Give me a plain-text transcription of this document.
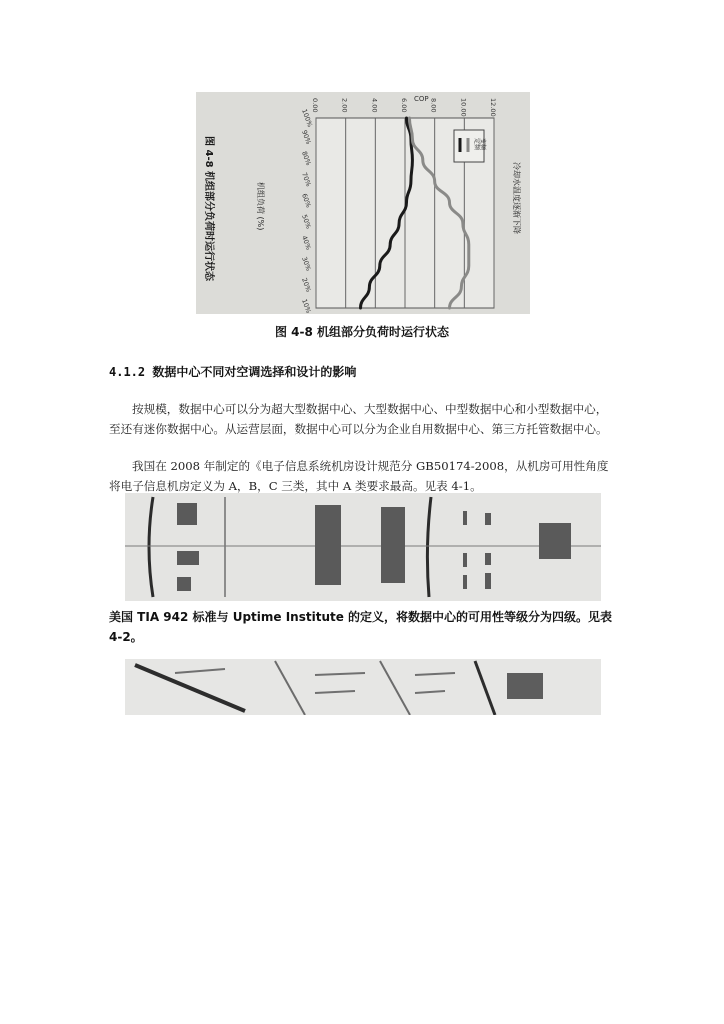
100%
90%
80%
70%
60%
50%
40%
30%
20%
10%
0.00	2.00	4.00	6.00	8.00	10.00	12.00
COP
定频 变频
图 4-8 机组部分负荷时运行状态	机组负荷 (%)	冷却水温度逐渐下降
图 4-8 机组部分负荷时运行状态
4.1.2 数据中心不同对空调选择和设计的影响
按规模，数据中心可以分为超大型数据中心、大型数据中心、中型数据中心和小型数据中心，至还有迷你数据中心。从运营层面，数据中心可以分为企业自用数据中心、第三方托管数据中心。
我国在 2008 年制定的《电子信息系统机房设计规范分 GB50174-2008，从机房可用性角度将电子信息机房定义为 A，B，C 三类，其中 A 类要求最高。见表 4-1。
美国 TIA 942 标准与 Uptime Institute 的定义，将数据中心的可用性等级分为四级。见表 4-2。
